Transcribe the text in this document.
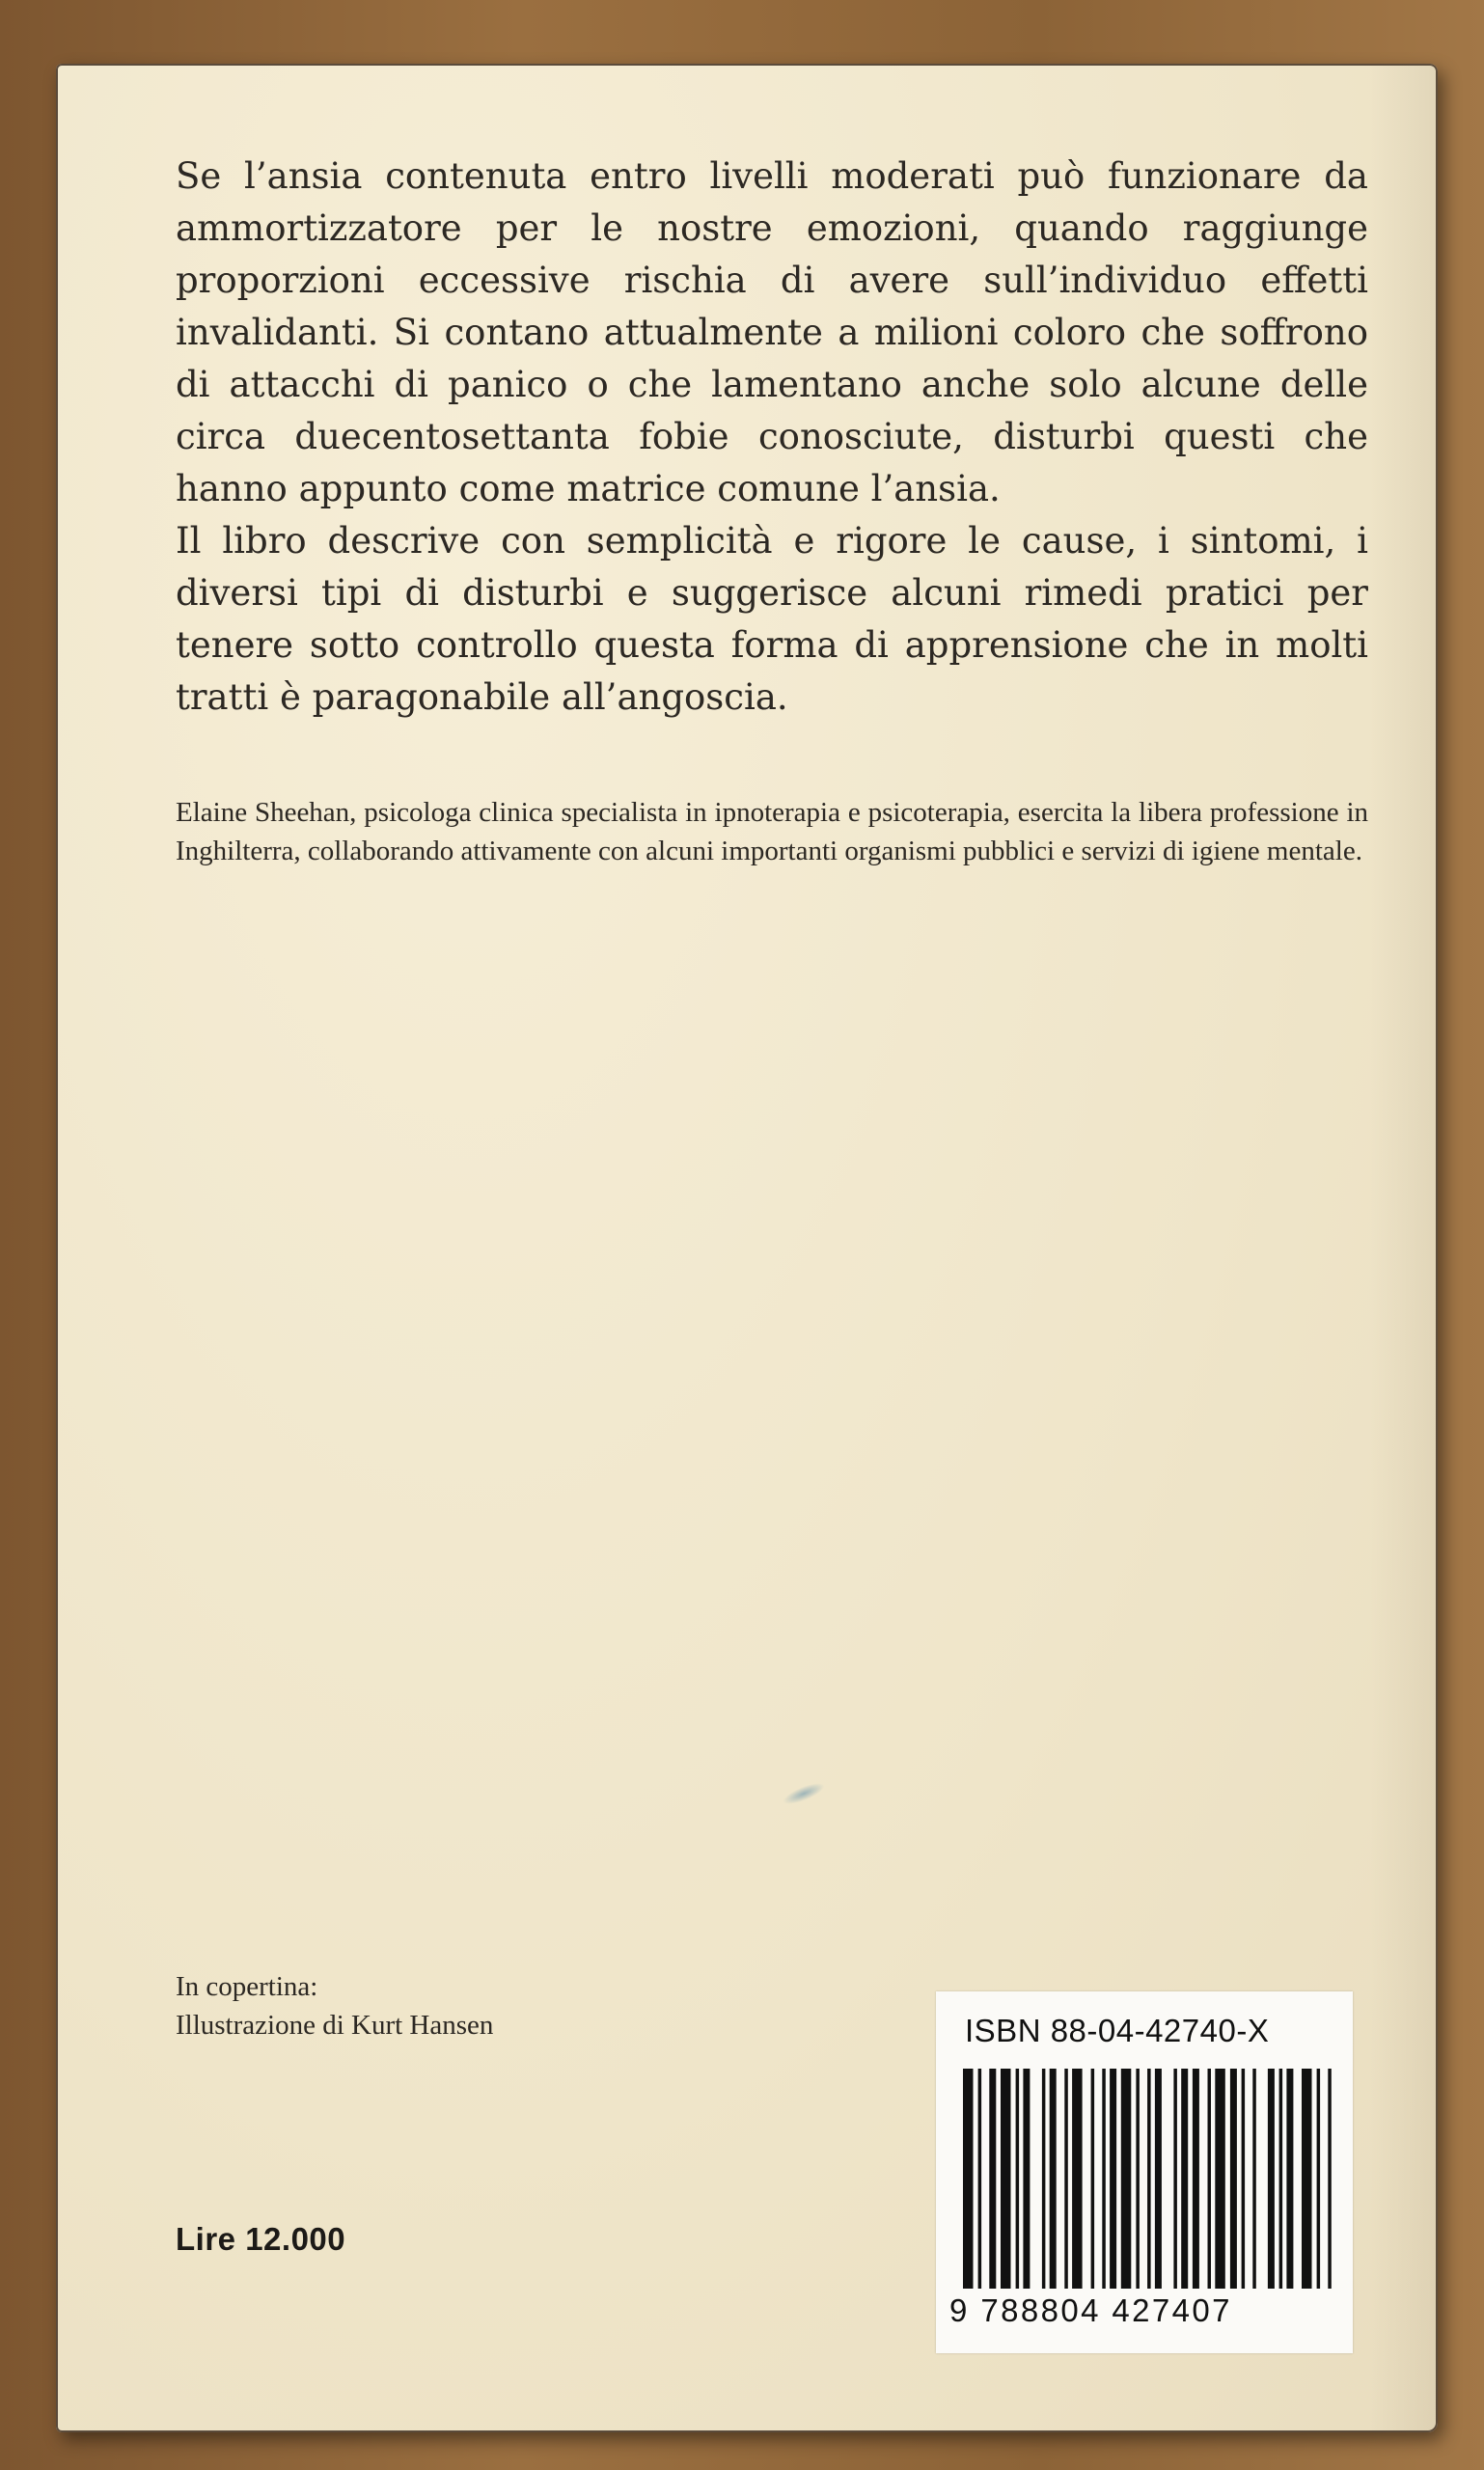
Se l’ansia contenuta entro livelli moderati può funzionare da ammortizzatore per le nostre emozioni, quando raggiunge proporzioni eccessive rischia di avere sull’individuo effetti invalidanti. Si contano attualmente a milioni coloro che soffrono di attacchi di panico o che lamentano anche solo alcune delle circa duecentosettanta fobie conosciute, disturbi questi che hanno appunto come matrice comune l’ansia.

Il libro descrive con semplicità e rigore le cause, i sintomi, i diversi tipi di disturbi e suggerisce alcuni rimedi pratici per tenere sotto controllo questa forma di apprensione che in molti tratti è paragonabile all’angoscia.

Elaine Sheehan, psicologa clinica specialista in ipnoterapia e psicoterapia, esercita la libera professione in Inghilterra, collaborando attivamente con alcuni importanti organismi pubblici e servizi di igiene mentale.

In copertina:
Illustrazione di Kurt Hansen
Lire 12.000
ISBN 88-04-42740-X
9 788804 427407
